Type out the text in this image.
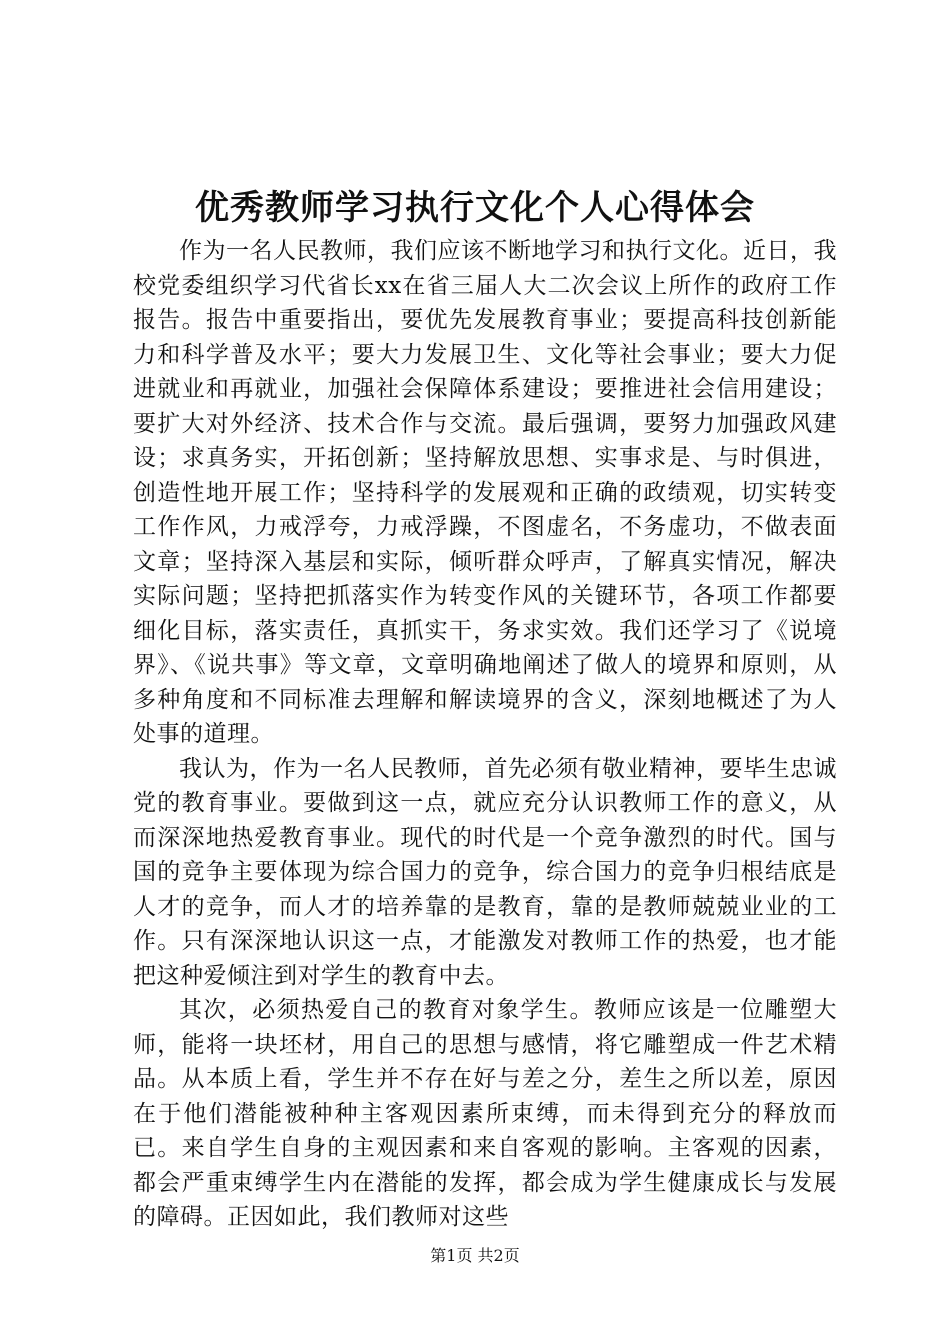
优秀教师学习执行文化个人心得体会

作为一名人民教师，我们应该不断地学习和执行文化。近日，我校党委组织学习代省长xx在省三届人大二次会议上所作的政府工作报告。报告中重要指出，要优先发展教育事业；要提高科技创新能力和科学普及水平；要大力发展卫生、文化等社会事业；要大力促进就业和再就业，加强社会保障体系建设；要推进社会信用建设；要扩大对外经济、技术合作与交流。最后强调，要努力加强政风建设；求真务实，开拓创新；坚持解放思想、实事求是、与时俱进，创造性地开展工作；坚持科学的发展观和正确的政绩观，切实转变工作作风，力戒浮夸，力戒浮躁，不图虚名，不务虚功，不做表面文章；坚持深入基层和实际，倾听群众呼声，了解真实情况，解决实际问题；坚持把抓落实作为转变作风的关键环节，各项工作都要细化目标，落实责任，真抓实干，务求实效。我们还学习了《说境界》、《说共事》等文章，文章明确地阐述了做人的境界和原则，从多种角度和不同标准去理解和解读境界的含义，深刻地概述了为人处事的道理。

我认为，作为一名人民教师，首先必须有敬业精神，要毕生忠诚党的教育事业。要做到这一点，就应充分认识教师工作的意义，从而深深地热爱教育事业。现代的时代是一个竞争激烈的时代。国与国的竞争主要体现为综合国力的竞争，综合国力的竞争归根结底是人才的竞争，而人才的培养靠的是教育，靠的是教师兢兢业业的工作。只有深深地认识这一点，才能激发对教师工作的热爱，也才能把这种爱倾注到对学生的教育中去。

其次，必须热爱自己的教育对象学生。教师应该是一位雕塑大师，能将一块坯材，用自己的思想与感情，将它雕塑成一件艺术精品。从本质上看，学生并不存在好与差之分，差生之所以差，原因在于他们潜能被种种主客观因素所束缚，而未得到充分的释放而已。来自学生自身的主观因素和来自客观的影响。主客观的因素，都会严重束缚学生内在潜能的发挥，都会成为学生健康成长与发展的障碍。正因如此，我们教师对这些

第1页 共2页
